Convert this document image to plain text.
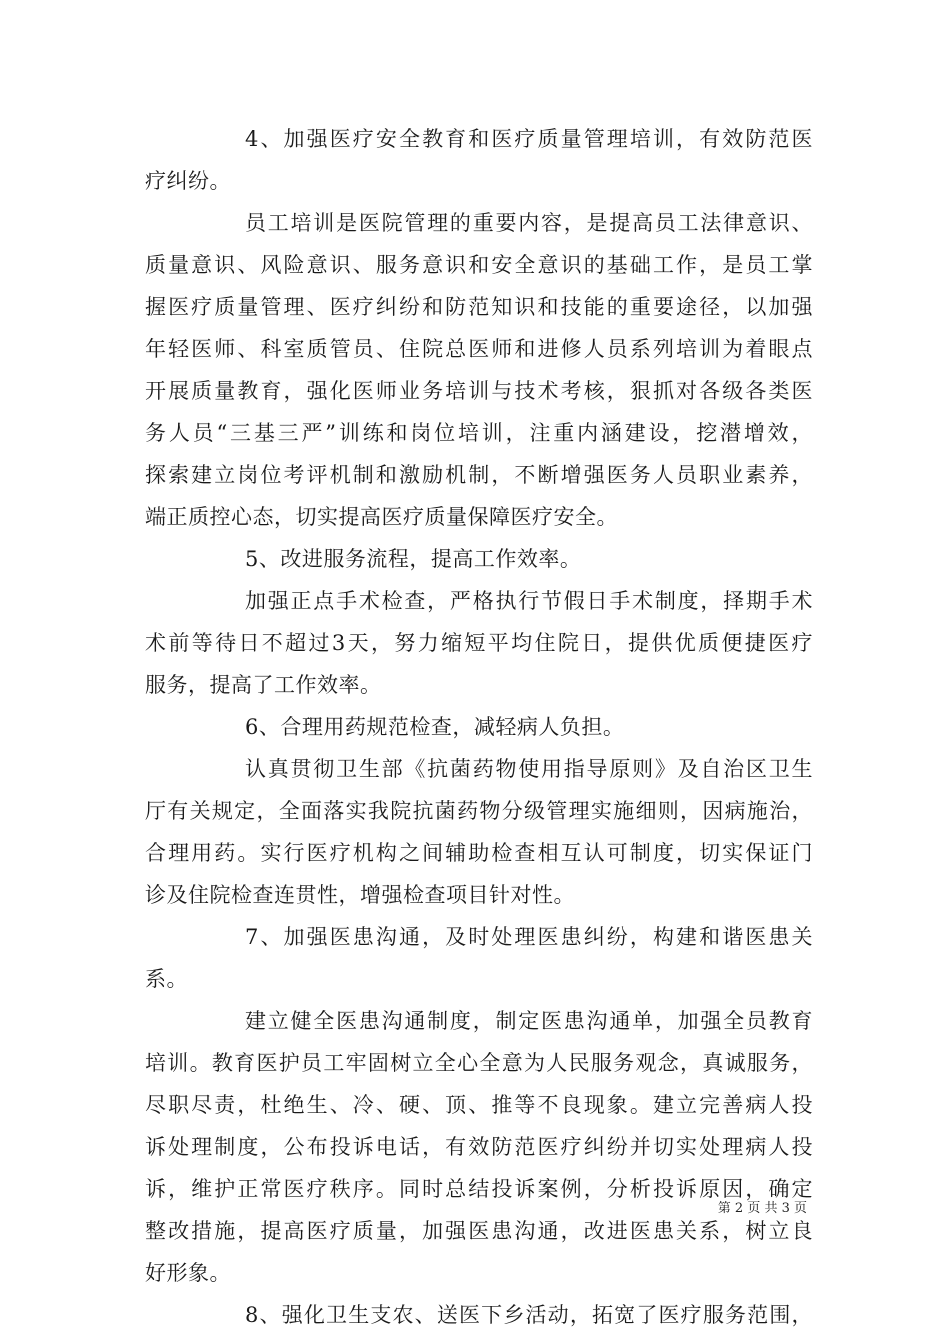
4、加强医疗安全教育和医疗质量管理培训，有效防范医
疗纠纷。
员工培训是医院管理的重要内容，是提高员工法律意识、
质量意识、风险意识、服务意识和安全意识的基础工作，是员工掌
握医疗质量管理、医疗纠纷和防范知识和技能的重要途径，以加强
年轻医师、科室质管员、住院总医师和进修人员系列培训为着眼点
开展质量教育，强化医师业务培训与技术考核，狠抓对各级各类医
务人员“三基三严”训练和岗位培训，注重内涵建设，挖潜增效，
探索建立岗位考评机制和激励机制，不断增强医务人员职业素养，
端正质控心态，切实提高医疗质量保障医疗安全。
5、改进服务流程，提高工作效率。
加强正点手术检查，严格执行节假日手术制度，择期手术
术前等待日不超过3天，努力缩短平均住院日，提供优质便捷医疗
服务，提高了工作效率。
6、合理用药规范检查，减轻病人负担。
认真贯彻卫生部《抗菌药物使用指导原则》及自治区卫生
厅有关规定，全面落实我院抗菌药物分级管理实施细则，因病施治，
合理用药。实行医疗机构之间辅助检查相互认可制度，切实保证门
诊及住院检查连贯性，增强检查项目针对性。
7、加强医患沟通，及时处理医患纠纷，构建和谐医患关
系。
建立健全医患沟通制度，制定医患沟通单，加强全员教育
培训。教育医护员工牢固树立全心全意为人民服务观念，真诚服务，
尽职尽责，杜绝生、冷、硬、顶、推等不良现象。建立完善病人投
诉处理制度，公布投诉电话，有效防范医疗纠纷并切实处理病人投
诉，维护正常医疗秩序。同时总结投诉案例，分析投诉原因，确定
整改措施，提高医疗质量，加强医患沟通，改进医患关系，树立良
好形象。
8、强化卫生支农、送医下乡活动，拓宽了医疗服务范围，
第 2 页 共 3 页
